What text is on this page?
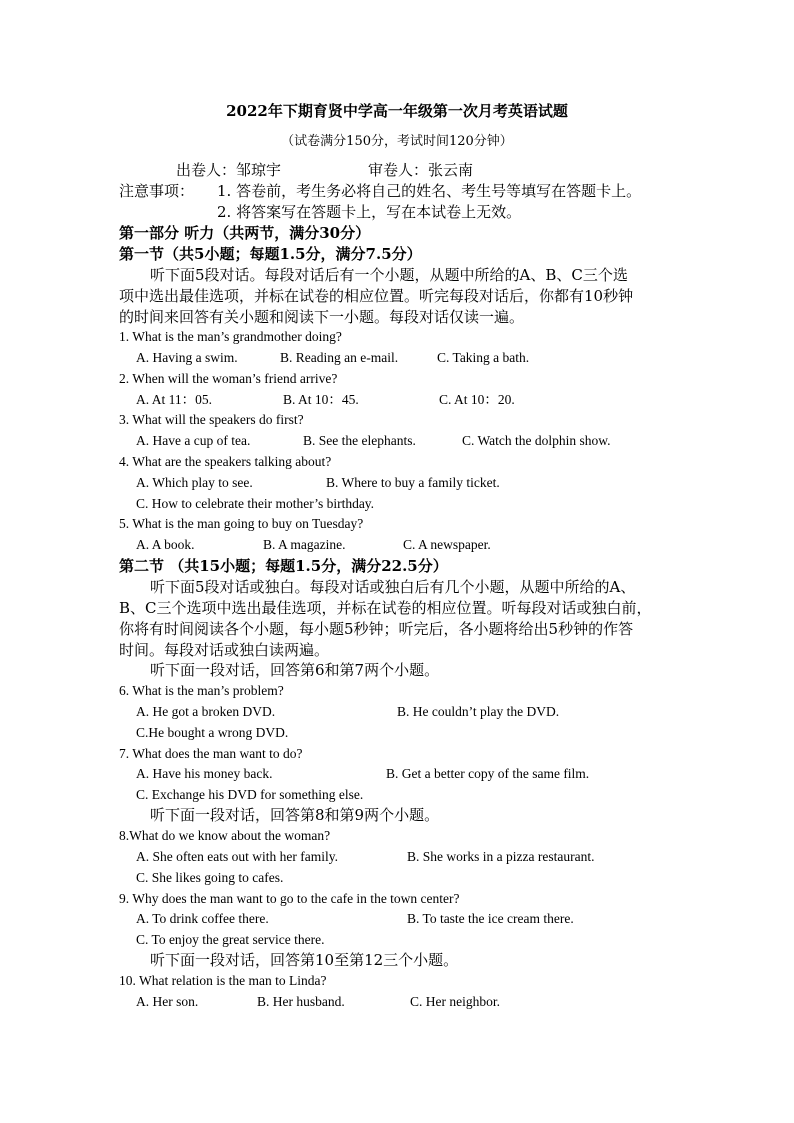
2022年下期育贤中学高一年级第一次月考英语试题
（试卷满分150分，考试时间120分钟）
出卷人：邹琼宇	审卷人：张云南
注意事项： 1. 答卷前，考生务必将自己的姓名、考生号等填写在答题卡上。
2. 将答案写在答题卡上，写在本试卷上无效。
第一部分 听力（共两节，满分30分）
第一节（共5小题；每题1.5分，满分7.5分）
听下面5段对话。每段对话后有一个小题，从题中所给的A、B、C三个选
项中选出最佳选项，并标在试卷的相应位置。听完每段对话后，你都有10秒钟
的时间来回答有关小题和阅读下一小题。每段对话仅读一遍。
1. What is the man’s grandmother doing?
A. Having a swim.	B. Reading an e-mail.	C. Taking a bath.
2. When will the woman’s friend arrive?
A. At 11：05.	B. At 10：45.	C. At 10：20.
3. What will the speakers do first?
A. Have a cup of tea.	B. See the elephants.	C. Watch the dolphin show.
4. What are the speakers talking about?
A. Which play to see.	B. Where to buy a family ticket.
C. How to celebrate their mother’s birthday.
5. What is the man going to buy on Tuesday?
A. A book.	B. A magazine.	C. A newspaper.
第二节 （共15小题；每题1.5分，满分22.5分）
听下面5段对话或独白。每段对话或独白后有几个小题，从题中所给的A、
B、C三个选项中选出最佳选项，并标在试卷的相应位置。听每段对话或独白前，
你将有时间阅读各个小题，每小题5秒钟；听完后，各小题将给出5秒钟的作答
时间。每段对话或独白读两遍。
听下面一段对话，回答第6和第7两个小题。
6. What is the man’s problem?
A. He got a broken DVD.	B. He couldn’t play the DVD.
C.He bought a wrong DVD.
7. What does the man want to do?
A. Have his money back.	B. Get a better copy of the same film.
C. Exchange his DVD for something else.
听下面一段对话，回答第8和第9两个小题。
8.What do we know about the woman?
A. She often eats out with her family.	B. She works in a pizza restaurant.
C. She likes going to cafes.
9. Why does the man want to go to the cafe in the town center?
A. To drink coffee there.	B. To taste the ice cream there.
C. To enjoy the great service there.
听下面一段对话，回答第10至第12三个小题。
10. What relation is the man to Linda?
A. Her son.	B. Her husband.	C. Her neighbor.
